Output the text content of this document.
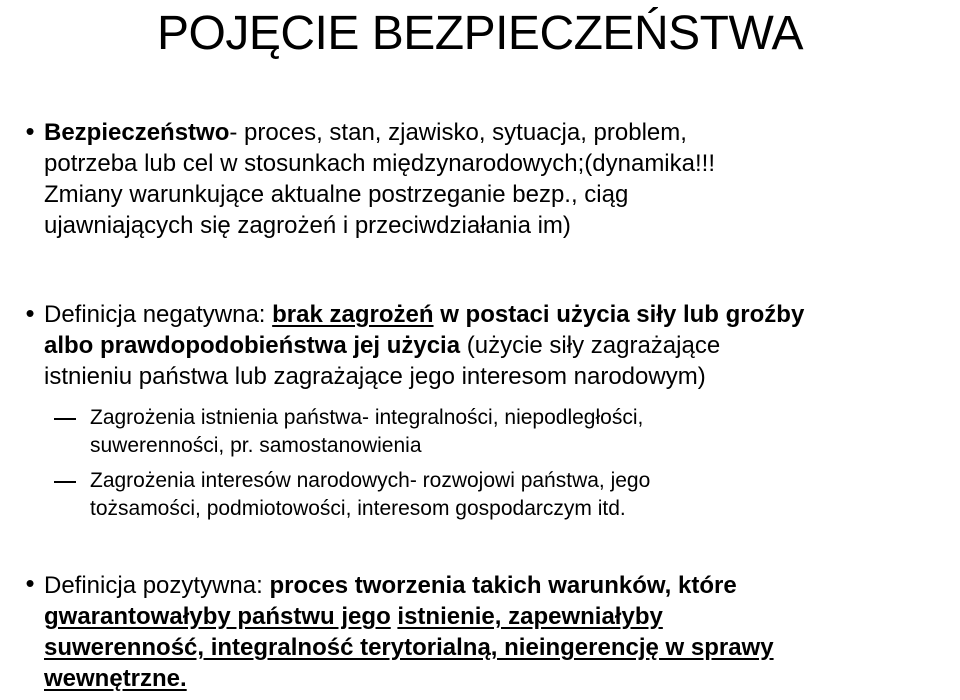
POJĘCIE BEZPIECZEŃSTWA
• Bezpieczeństwo- proces, stan, zjawisko, sytuacja, problem,
potrzeba lub cel w stosunkach międzynarodowych;(dynamika!!!
Zmiany warunkujące aktualne postrzeganie bezp., ciąg
ujawniających się zagrożeń i przeciwdziałania im)
• Definicja negatywna: brak zagrożeń w postaci użycia siły lub groźby
albo prawdopodobieństwa jej użycia (użycie siły zagrażające
istnieniu państwa lub zagrażające jego interesom narodowym)
Zagrożenia istnienia państwa- integralności, niepodległości,
suwerenności, pr. samostanowienia
Zagrożenia interesów narodowych- rozwojowi państwa, jego
tożsamości, podmiotowości, interesom gospodarczym itd.
• Definicja pozytywna: proces tworzenia takich warunków, które
gwarantowałyby państwu jego istnienie, zapewniałyby
suwerenność, integralność terytorialną, nieingerencję w sprawy
wewnętrzne.
